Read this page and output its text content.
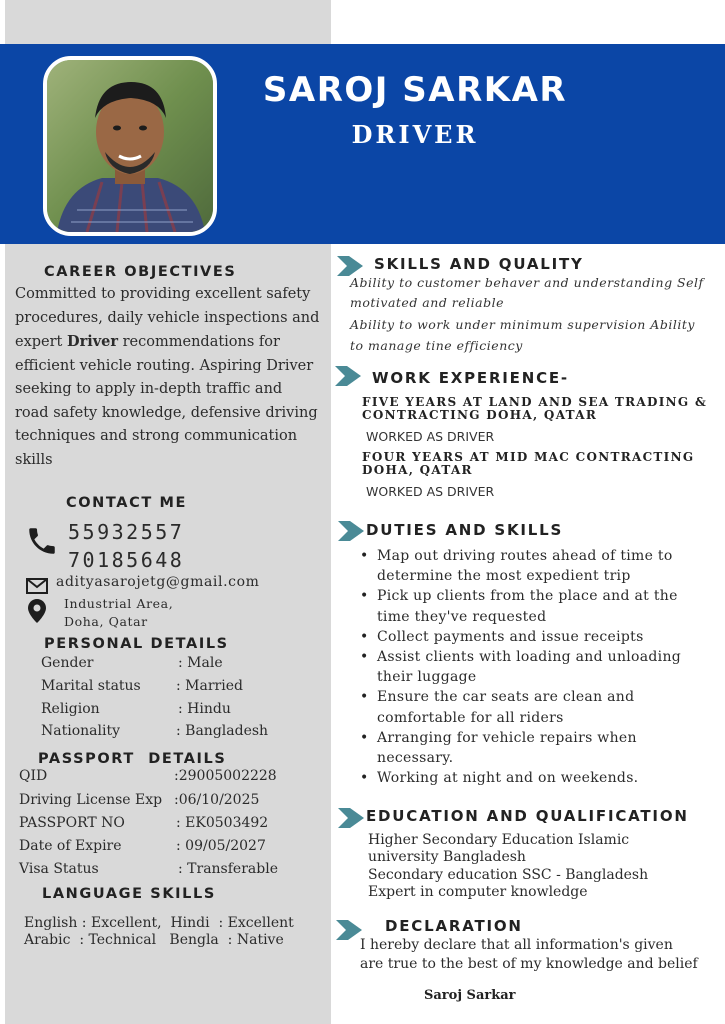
SAROJ SARKAR
DRIVER
CAREER OBJECTIVES
Committed to providing excellent safety procedures, daily vehicle inspections and expert Driver recommendations for efficient vehicle routing. Aspiring Driver seeking to apply in-depth traffic and road safety knowledge, defensive driving techniques and strong communication skills
CONTACT ME
55932557
70185648
adityasarojetg@gmail.com
Industrial Area,
Doha, Qatar
PERSONAL DETAILS
Gender	: Male
Marital status	: Married
Religion	: Hindu
Nationality	: Bangladesh
PASSPORT  DETAILS
QID	:29005002228
Driving License Exp :06/10/2025
PASSPORT NO	: EK0503492
Date of Expire	: 09/05/2027
Visa Status	: Transferable
LANGUAGE SKILLS
English : Excellent,  Hindi  : Excellent
Arabic  : Technical   Bengla  : Native
SKILLS AND QUALITY
Ability to customer behaver and understanding Self
motivated and reliable
Ability to work under minimum supervision Ability
to manage tine efficiency
WORK EXPERIENCE-
FIVE YEARS AT LAND AND SEA TRADING &
CONTRACTING DOHA, QATAR
WORKED AS DRIVER
FOUR YEARS AT MID MAC CONTRACTING
DOHA, QATAR
WORKED AS DRIVER
DUTIES AND SKILLS
• Map out driving routes ahead of time to determine the most expedient trip
• Pick up clients from the place and at the time they've requested
• Collect payments and issue receipts
• Assist clients with loading and unloading their luggage
• Ensure the car seats are clean and comfortable for all riders
• Arranging for vehicle repairs when necessary.
• Working at night and on weekends.
EDUCATION AND QUALIFICATION
Higher Secondary Education Islamic
university Bangladesh
Secondary education SSC - Bangladesh
Expert in computer knowledge
DECLARATION
I hereby declare that all information's given
are true to the best of my knowledge and belief
Saroj Sarkar
